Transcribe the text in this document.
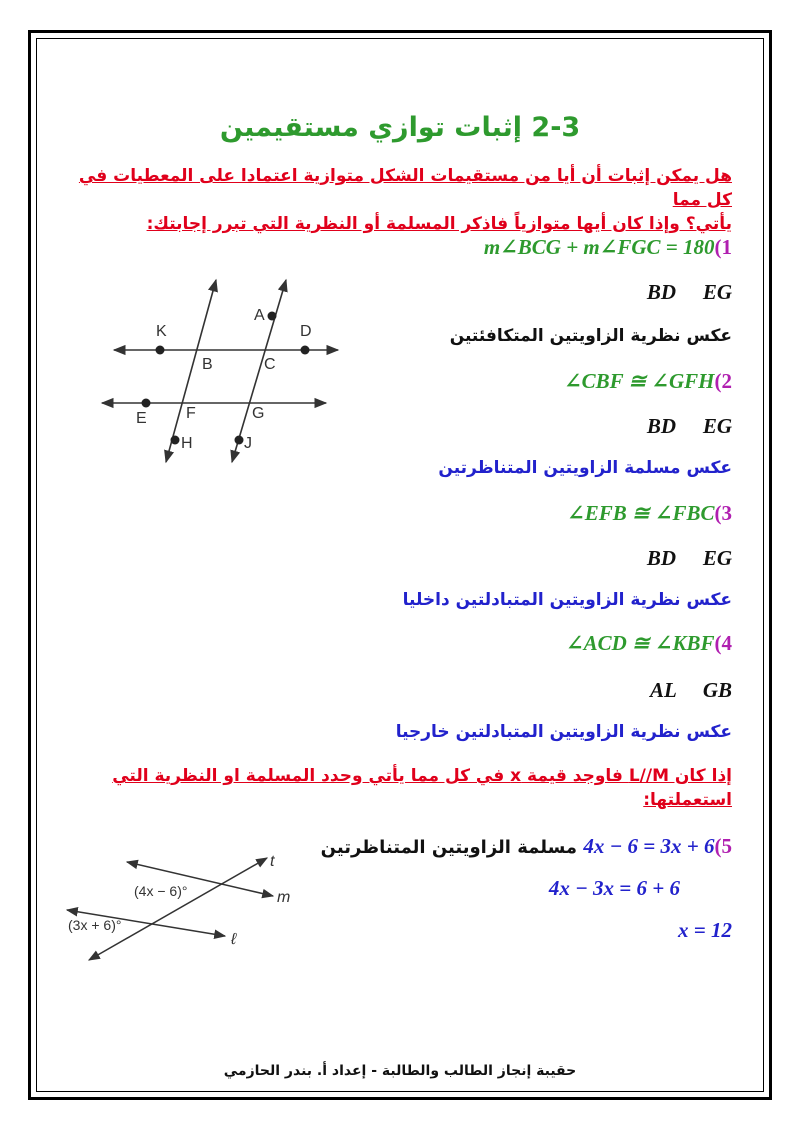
2-3 إثبات توازي مستقيمين
هل يمكن إثبات أن أيا من مستقيمات الشكل متوازية اعتمادا على المعطيات في كل مما
يأتي؟ وإذا كان أيها متوازياً فاذكر المسلمة أو النظرية التي تبرر إجابتك:
m∠BCG + m∠FGC = 180(1
BD ⃞ EG
عكس نظرية الزاويتين المتكافئتين
∠CBF ≅ ∠GFH(2
BD ⃞ EG
عكس مسلمة الزاويتين المتناظرتين
∠EFB ≅ ∠FBC(3
BD ⃞ EG
عكس نظرية الزاويتين المتبادلتين داخليا
∠ACD ≅ ∠KBF(4
AL ⃞ GB
عكس نظرية الزاويتين المتبادلتين خارجيا
إذا كان L//M فاوجد قيمة x في كل مما يأتي وحدد المسلمة او النظرية التي
استعملتها:
مسلمة الزاويتين المتناظرتين 4x − 6 = 3x + 6(5
4x − 3x = 6 + 6
x = 12
K
A
D
B	C
E F	G
H	J
(4x − 6)°
(3x + 6)°
t
m
ℓ
حقيبة إنجاز الطالب والطالبة - إعداد أ. بندر الحازمي
